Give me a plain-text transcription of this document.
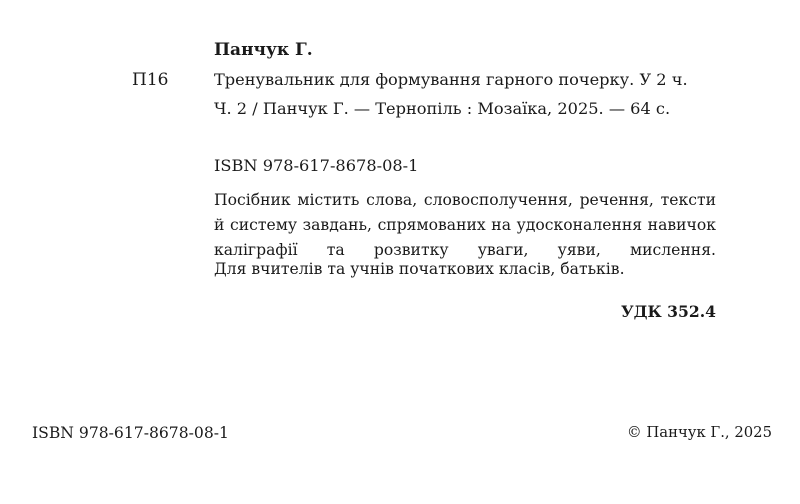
Панчук Г.
П16	Тренувальник для формування гарного почерку. У 2 ч.
Ч. 2 / Панчук Г. — Тернопіль : Мозаїка, 2025. — 64 с.
ISBN 978-617-8678-08-1
Посібник містить слова, словосполучення, речення, тексти й систему завдань, спрямованих на удосконалення навичок каліграфії та розвитку уваги, уяви, мислення.
Для вчителів та учнів початкових класів, батьків.
УДК 352.4
ISBN 978-617-8678-08-1	© Панчук Г., 2025
